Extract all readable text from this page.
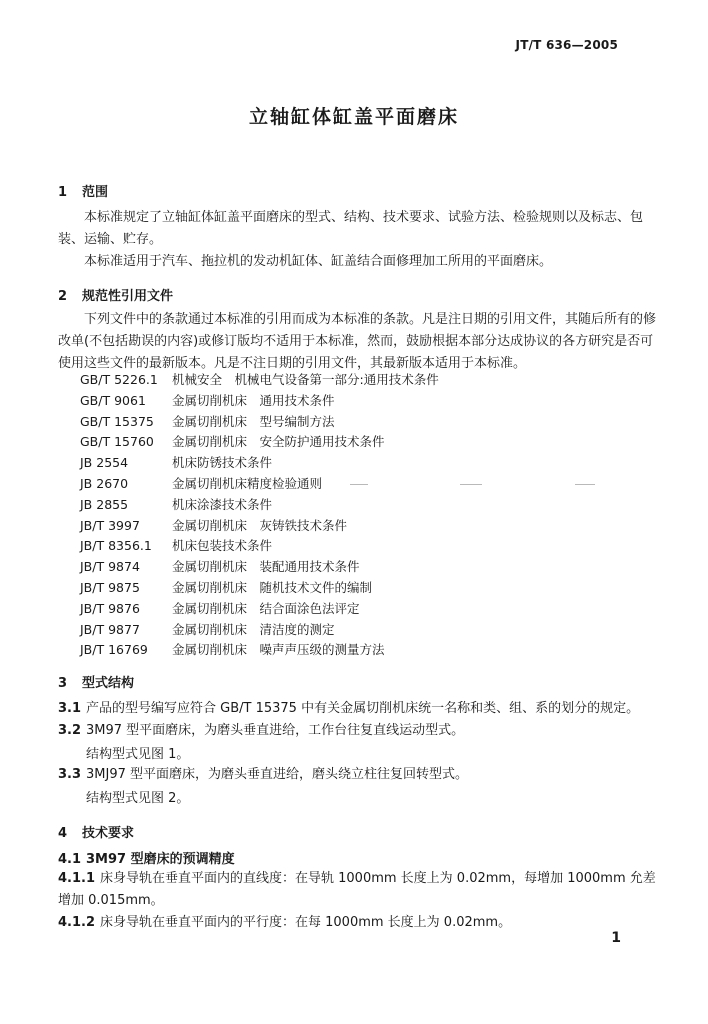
JT/T 636—2005
立轴缸体缸盖平面磨床
1 范围
本标准规定了立轴缸体缸盖平面磨床的型式、结构、技术要求、试验方法、检验规则以及标志、包装、运输、贮存。
本标准适用于汽车、拖拉机的发动机缸体、缸盖结合面修理加工所用的平面磨床。
2 规范性引用文件
下列文件中的条款通过本标准的引用而成为本标准的条款。凡是注日期的引用文件，其随后所有的修改单(不包括勘误的内容)或修订版均不适用于本标准，然而，鼓励根据本部分达成协议的各方研究是否可使用这些文件的最新版本。凡是不注日期的引用文件，其最新版本适用于本标准。
GB/T 5226.1 机械安全　机械电气设备第一部分:通用技术条件
GB/T 9061 金属切削机床　通用技术条件
GB/T 15375 金属切削机床　型号编制方法
GB/T 15760 金属切削机床　安全防护通用技术条件
JB 2554	机床防锈技术条件
JB 2670	金属切削机床精度检验通则
JB 2855	机床涂漆技术条件
JB/T 3997	金属切削机床　灰铸铁技术条件
JB/T 8356.1 机床包装技术条件
JB/T 9874	金属切削机床　装配通用技术条件
JB/T 9875	金属切削机床　随机技术文件的编制
JB/T 9876	金属切削机床　结合面涂色法评定
JB/T 9877	金属切削机床　清洁度的测定
JB/T 16769 金属切削机床　噪声声压级的测量方法
3 型式结构
3.1 产品的型号编写应符合 GB/T 15375 中有关金属切削机床统一名称和类、组、系的划分的规定。
3.2 3M97 型平面磨床，为磨头垂直进给，工作台往复直线运动型式。
结构型式见图 1。
3.3 3MJ97 型平面磨床，为磨头垂直进给，磨头绕立柱往复回转型式。
结构型式见图 2。
4 技术要求
4.1 3M97 型磨床的预调精度
4.1.1 床身导轨在垂直平面内的直线度：在导轨 1000mm 长度上为 0.02mm，每增加 1000mm 允差增加 0.015mm。
4.1.2 床身导轨在垂直平面内的平行度：在每 1000mm 长度上为 0.02mm。
1
